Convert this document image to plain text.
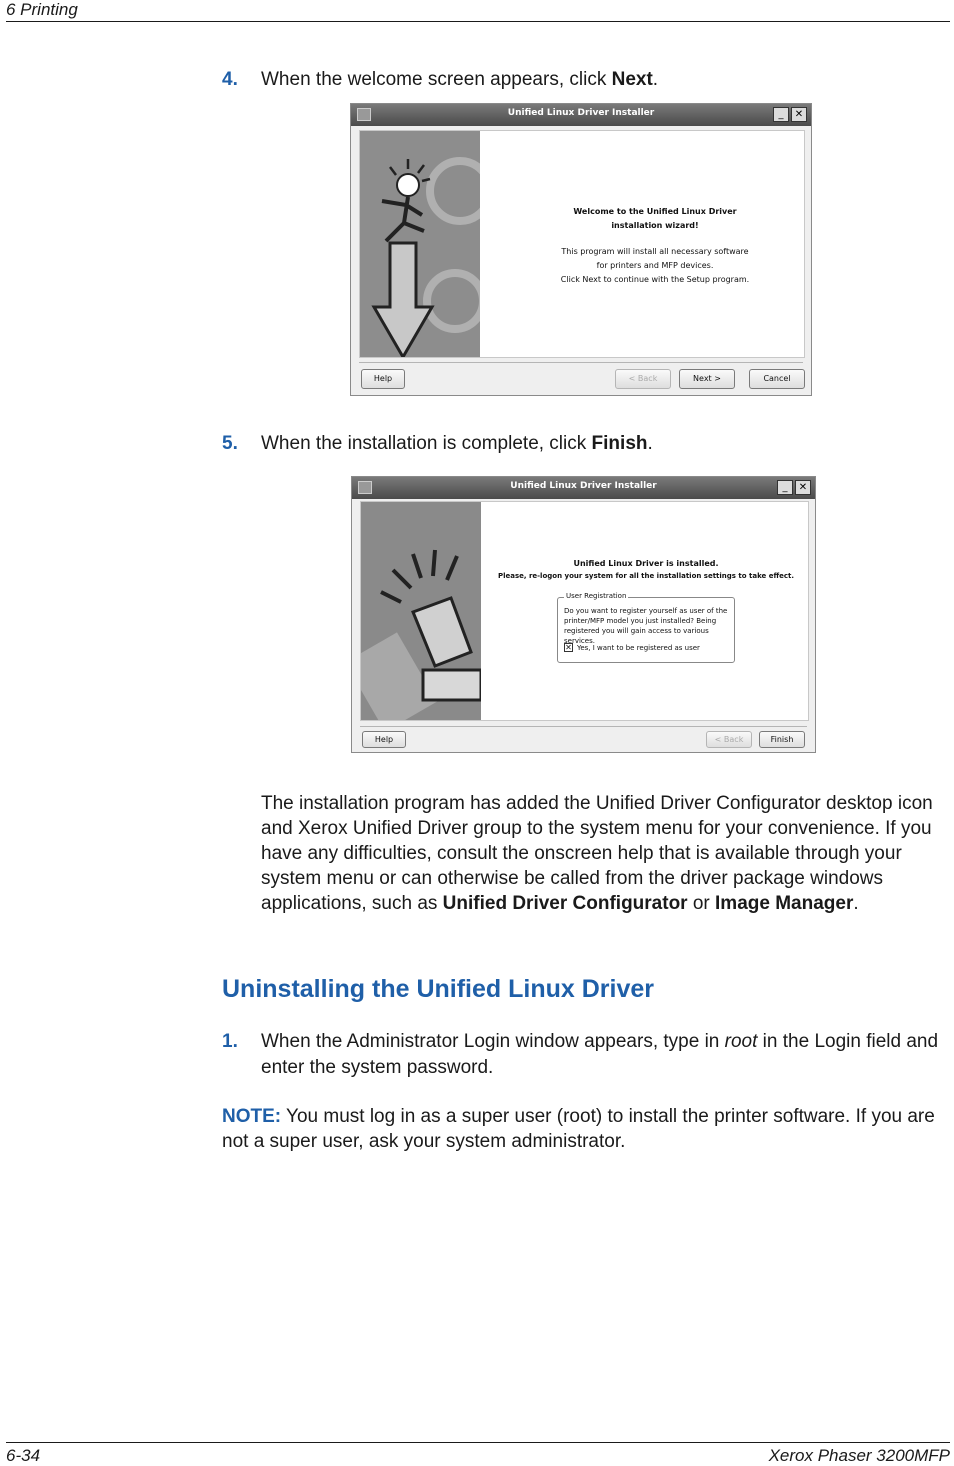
6 Printing
4. When the welcome screen appears, click Next.
Unified Linux Driver Installer	_	✕
Welcome to the Unified Linux Driver
installation wizard!
This program will install all necessary software
for printers and MFP devices.
Click Next to continue with the Setup program.
Help	< Back	Next >	Cancel
5. When the installation is complete, click Finish.
Unified Linux Driver Installer	_	✕
Unified Linux Driver is installed.
Please, re-logon your system for all the installation settings to take effect.
User Registration
Do you want to register yourself as user of the printer/MFP model you just installed? Being registered you will gain access to various services.
✕ Yes, I want to be registered as user
Help	< Back	Finish
The installation program has added the Unified Driver Configurator desktop icon and Xerox Unified Driver group to the system menu for your convenience. If you have any difficulties, consult the onscreen help that is available through your system menu or can otherwise be called from the driver package windows applications, such as Unified Driver Configurator or Image Manager.
Uninstalling the Unified Linux Driver
1. When the Administrator Login window appears, type in root in the Login field and enter the system password.
NOTE: You must log in as a super user (root) to install the printer software. If you are not a super user, ask your system administrator.
6-34	Xerox Phaser 3200MFP
